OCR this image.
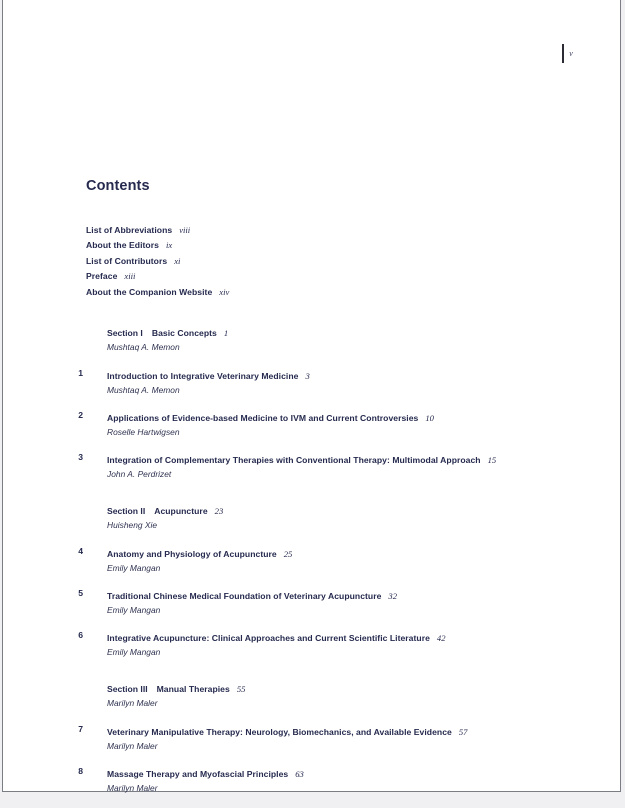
v
Contents
List of Abbreviations viii
About the Editors ix
List of Contributors xi
Preface xiii
About the Companion Website xiv
Section I Basic Concepts 1
Mushtaq A. Memon
1	Introduction to Integrative Veterinary Medicine 3
Mushtaq A. Memon
2	Applications of Evidence-based Medicine to IVM and Current Controversies 10
Roselle Hartwigsen
3	Integration of Complementary Therapies with Conventional Therapy: Multimodal Approach 15
John A. Perdrizet
Section II Acupuncture 23
Huisheng Xie
4	Anatomy and Physiology of Acupuncture 25
Emily Mangan
5	Traditional Chinese Medical Foundation of Veterinary Acupuncture 32
Emily Mangan
6	Integrative Acupuncture: Clinical Approaches and Current Scientific Literature 42
Emily Mangan
Section III Manual Therapies 55
Marilyn Maler
7	Veterinary Manipulative Therapy: Neurology, Biomechanics, and Available Evidence 57
Marilyn Maler
8	Massage Therapy and Myofascial Principles 63
Marilyn Maler
